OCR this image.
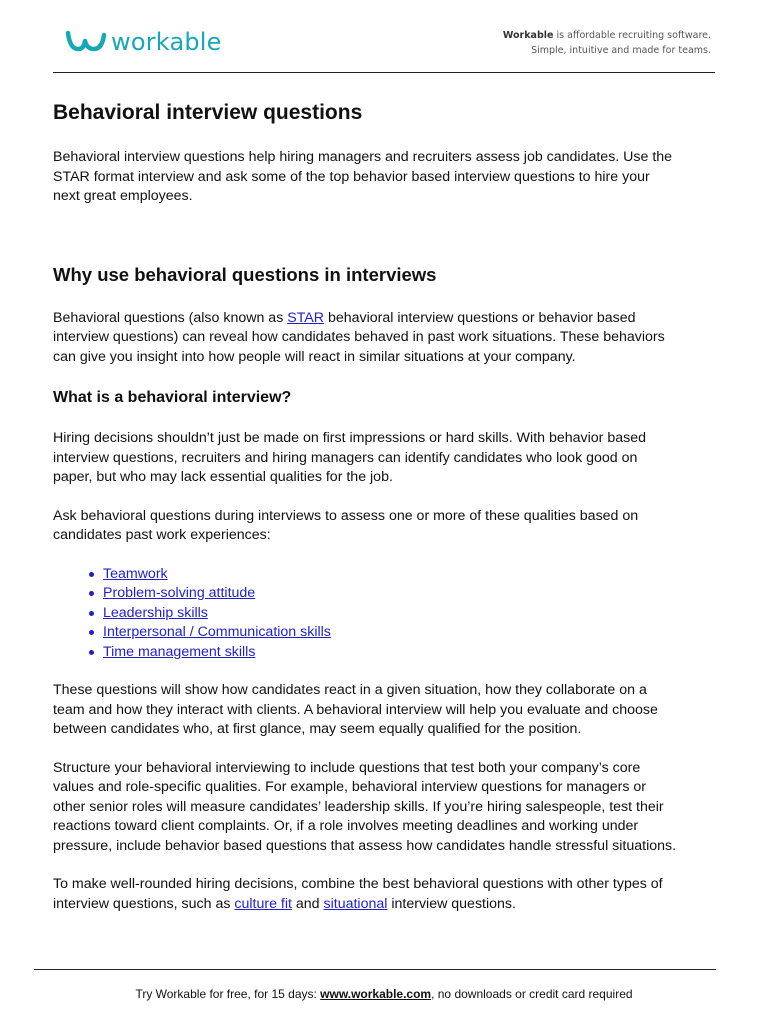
workable	Workable is affordable recruiting software.
Simple, intuitive and made for teams.
Behavioral interview questions

Behavioral interview questions help hiring managers and recruiters assess job candidates. Use the
STAR format interview and ask some of the top behavior based interview questions to hire your
next great employees.

Why use behavioral questions in interviews

Behavioral questions (also known as STAR behavioral interview questions or behavior based
interview questions) can reveal how candidates behaved in past work situations. These behaviors
can give you insight into how people will react in similar situations at your company.

What is a behavioral interview?

Hiring decisions shouldn’t just be made on first impressions or hard skills. With behavior based
interview questions, recruiters and hiring managers can identify candidates who look good on
paper, but who may lack essential qualities for the job.

Ask behavioral questions during interviews to assess one or more of these qualities based on
candidates past work experiences:

Teamwork
Problem-solving attitude
Leadership skills
Interpersonal / Communication skills
Time management skills

These questions will show how candidates react in a given situation, how they collaborate on a
team and how they interact with clients. A behavioral interview will help you evaluate and choose
between candidates who, at first glance, may seem equally qualified for the position.

Structure your behavioral interviewing to include questions that test both your company’s core
values and role-specific qualities. For example, behavioral interview questions for managers or
other senior roles will measure candidates’ leadership skills. If you’re hiring salespeople, test their
reactions toward client complaints. Or, if a role involves meeting deadlines and working under
pressure, include behavior based questions that assess how candidates handle stressful situations.

To make well-rounded hiring decisions, combine the best behavioral questions with other types of
interview questions, such as culture fit and situational interview questions.

Try Workable for free, for 15 days: www.workable.com, no downloads or credit card required
